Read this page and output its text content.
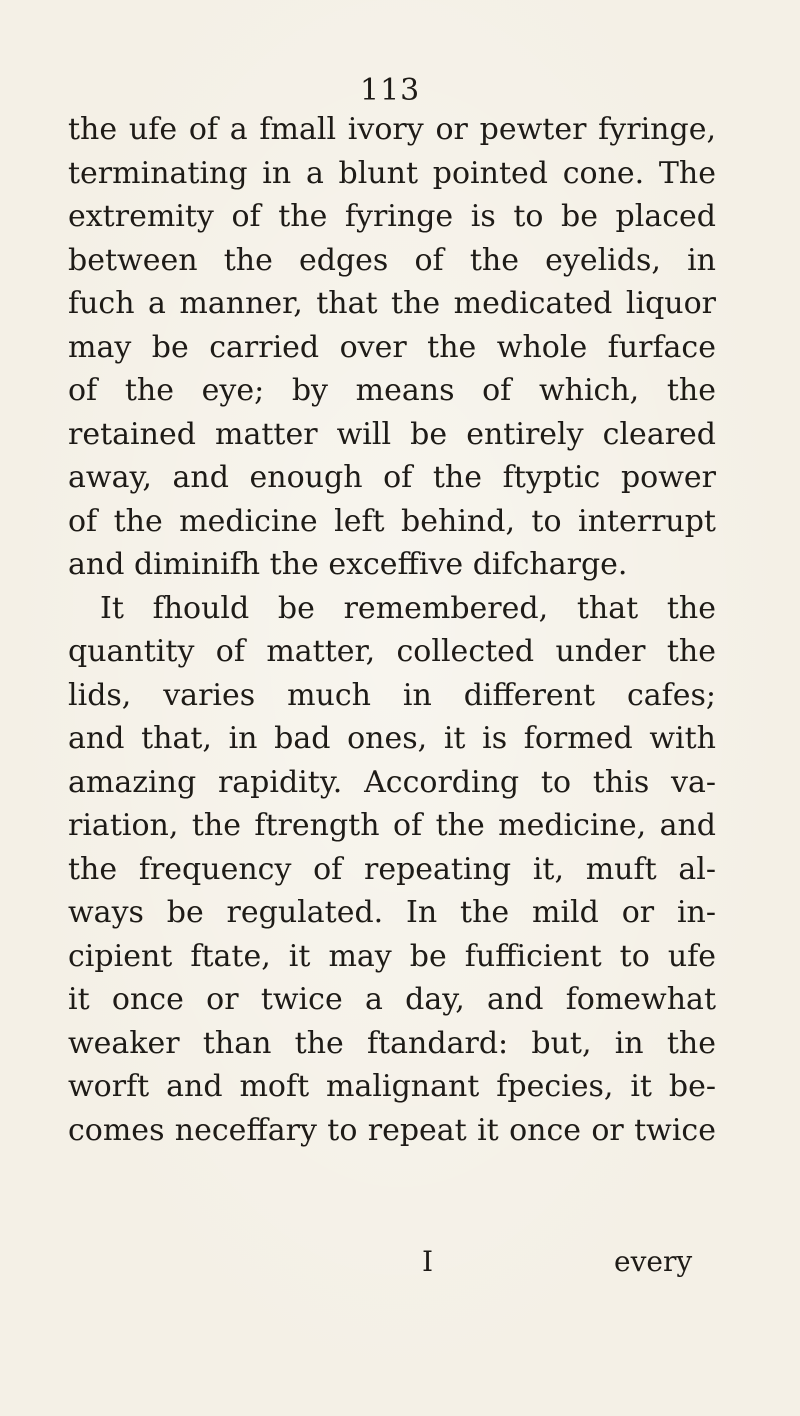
113
the ufe of a fmall ivory or pewter fyringe,
terminating in a blunt pointed cone. The
extremity of the fyringe is to be placed
between the edges of the eyelids, in
fuch a manner, that the medicated liquor
may be carried over the whole furface
of the eye; by means of which, the
retained matter will be entirely cleared
away, and enough of the ftyptic power
of the medicine left behind, to interrupt
and diminifh the exceffive difcharge.
It fhould be remembered, that the
quantity of matter, collected under the
lids, varies much in different cafes;
and that, in bad ones, it is formed with
amazing rapidity. According to this va-
riation, the ftrength of the medicine, and
the frequency of repeating it, muft al-
ways be regulated. In the mild or in-
cipient ftate, it may be fufficient to ufe
it once or twice a day, and fomewhat
weaker than the ftandard: but, in the
worft and moft malignant fpecies, it be-
comes neceffary to repeat it once or twice
I	every
